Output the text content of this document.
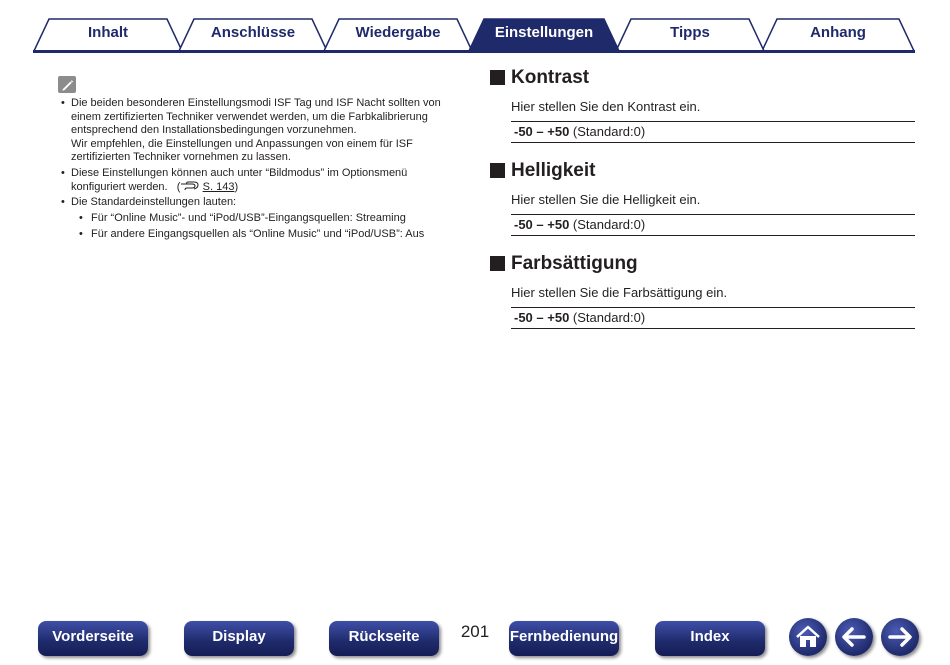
Inhalt	Anschlüsse	Wiedergabe	Anhang
Tipps
Einstellungen
• Die beiden besonderen Einstellungsmodi ISF Tag und ISF Nacht sollten von einem zertifizierten Techniker verwendet werden, um die Farbkalibrierung entsprechend den Installationsbedingungen vorzunehmen.

Wir empfehlen, die Einstellungen und Anpassungen von einem für ISF zertifizierten Techniker vornehmen zu lassen.

• Diese Einstellungen können auch unter “Bildmodus” im Optionsmenü konfiguriert werden.   (  S. 143)
• Die Standardeinstellungen lauten:
• Für “Online Music”- und “iPod/USB”-Eingangsquellen: Streaming
• Für andere Eingangsquellen als “Online Music” und “iPod/USB”: Aus
Kontrast

Hier stellen Sie den Kontrast ein.

-50 – +50 (Standard:0)
Helligkeit

Hier stellen Sie die Helligkeit ein.

-50 – +50 (Standard:0)
Farbsättigung

Hier stellen Sie die Farbsättigung ein.

-50 – +50 (Standard:0)
Vorderseite	Display	Rückseite	201	Fernbedienung	Index
